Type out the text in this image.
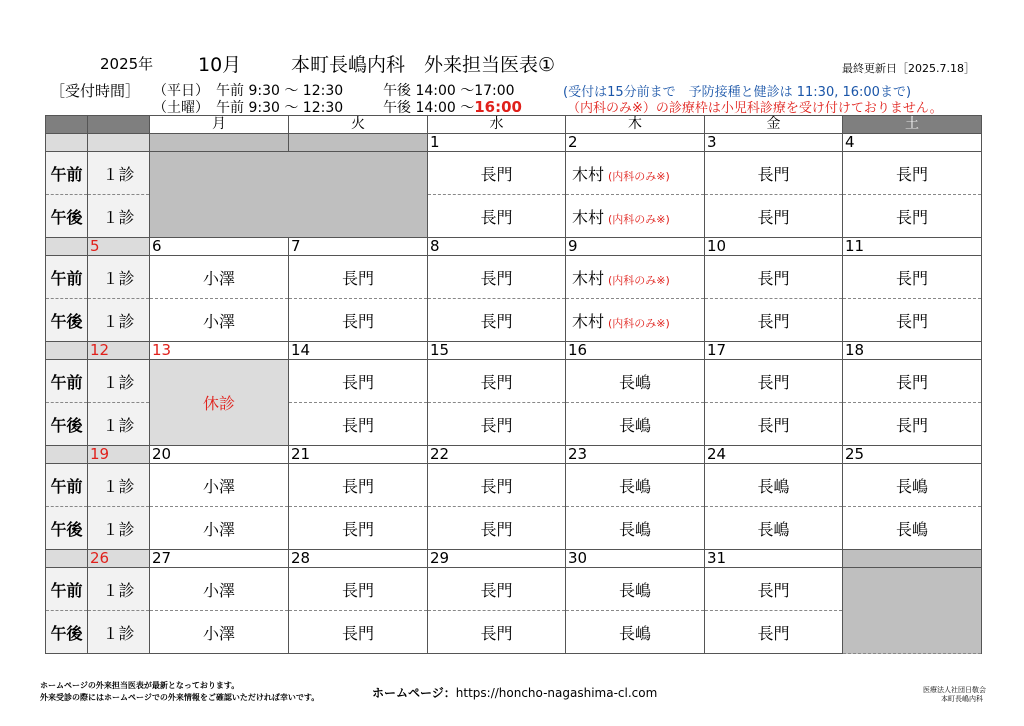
2025年 10月	本町長嶋内科　外来担当医表①	最終更新日［2025.7.18］
［受付時間］ （平日） 午前 9:30 ～ 12:30	午後 14:00 ～17:00	(受付は15分前まで　予防接種と健診は 11:30, 16:00まで)
（土曜） 午前 9:30 ～ 12:30	午後 14:00 ～16:00	（内科のみ※）の診療枠は小児科診療を受け付けておりません。
		月	火	水	木	金	土
				1	2	3	4
午前	１診			長門	木村 (内科のみ※)	長門	長門
午後	１診			長門	木村 (内科のみ※)	長門	長門
	5	6	7	8	9	10	11
午前	１診	小澤	長門	長門	木村 (内科のみ※)	長門	長門
午後	１診	小澤	長門	長門	木村 (内科のみ※)	長門	長門
	12	13	14	15	16	17	18
午前	１診	休診	長門	長門	長嶋	長門	長門
午後	１診		長門	長門	長嶋	長門	長門
	19	20	21	22	23	24	25
午前	１診	小澤	長門	長門	長嶋	長嶋	長嶋
午後	１診	小澤	長門	長門	長嶋	長嶋	長嶋
	26	27	28	29	30	31	
午前	１診	小澤	長門	長門	長嶋	長門	
午後	１診	小澤	長門	長門	長嶋	長門	
ホームページの外来担当医表が最新となっております。
外来受診の際にはホームページでの外来情報をご確認いただければ幸いです。	ホームページ：https://honcho-nagashima-cl.com	医療法人社団日敬会
本町長嶋内科
